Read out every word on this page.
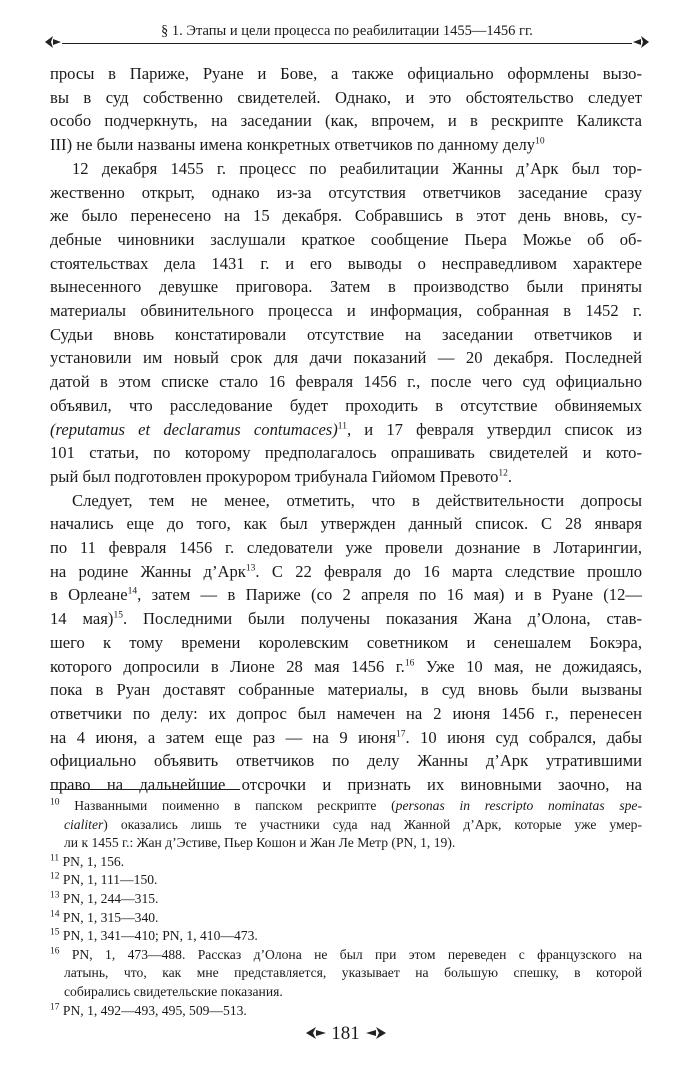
§ 1. Этапы и цели процесса по реабилитации 1455—1456 гг.

просы в Париже, Руане и Бове, а также официально оформлены вызо-
вы в суд собственно свидетелей. Однако, и это обстоятельство следует
особо подчеркнуть, на заседании (как, впрочем, и в рескрипте Каликста
III) не были названы имена конкретных ответчиков по данному делу$^{10}$

12 декабря 1455 г. процесс по реабилитации Жанны д’Арк был тор-
жественно открыт, однако из-за отсутствия ответчиков заседание сразу
же было перенесено на 15 декабря. Собравшись в этот день вновь, су-
дебные чиновники заслушали краткое сообщение Пьера Можье об об-
стоятельствах дела 1431 г. и его выводы о несправедливом характере
вынесенного девушке приговора. Затем в производство были приняты
материалы обвинительного процесса и информация, собранная в 1452 г.
Судьи вновь констатировали отсутствие на заседании ответчиков и
установили им новый срок для дачи показаний — 20 декабря. Последней
датой в этом списке стало 16 февраля 1456 г., после чего суд официально
объявил, что расследование будет проходить в отсутствие обвиняемых
(reputamus et declaramus contumaces)$^{11}$, и 17 февраля утвердил список из
101 статьи, по которому предполагалось опрашивать свидетелей и кото-
рый был подготовлен прокурором трибунала Гийомом Превото$^{12}$.

Следует, тем не менее, отметить, что в действительности допросы
начались еще до того, как был утвержден данный список. С 28 января
по 11 февраля 1456 г. следователи уже провели дознание в Лотарингии,
на родине Жанны д’Арк$^{13}$. С 22 февраля до 16 марта следствие прошло
в Орлеане$^{14}$, затем — в Париже (со 2 апреля по 16 мая) и в Руане (12—
14 мая)$^{15}$. Последними были получены показания Жана д’Олона, став-
шего к тому времени королевским советником и сенешалем Бокэра,
которого допросили в Лионе 28 мая 1456 г.$^{16}$ Уже 10 мая, не дожидаясь,
пока в Руан доставят собранные материалы, в суд вновь были вызваны
ответчики по делу: их допрос был намечен на 2 июня 1456 г., перенесен
на 4 июня, а затем еще раз — на 9 июня$^{17}$. 10 июня суд собрался, дабы
официально объявить ответчиков по делу Жанны д’Арк утратившими
право на дальнейшие отсрочки и признать их виновными заочно, на

$^{10}$ Названными поименно в папском рескрипте (personas in rescripto nominatas spe-
cialiter) оказались лишь те участники суда над Жанной д’Арк, которые уже умер-
ли к 1455 г.: Жан д’Эстиве, Пьер Кошон и Жан Ле Метр (PN, 1, 19).
$^{11}$ PN, 1, 156.
$^{12}$ PN, 1, 111—150.
$^{13}$ PN, 1, 244—315.
$^{14}$ PN, 1, 315—340.
$^{15}$ PN, 1, 341—410; PN, 1, 410—473.
$^{16}$ PN, 1, 473—488. Рассказ д’Олона не был при этом переведен с французского на
латынь, что, как мне представляется, указывает на большую спешку, в которой
собирались свидетельские показания.
$^{17}$ PN, 1, 492—493, 495, 509—513.
181
